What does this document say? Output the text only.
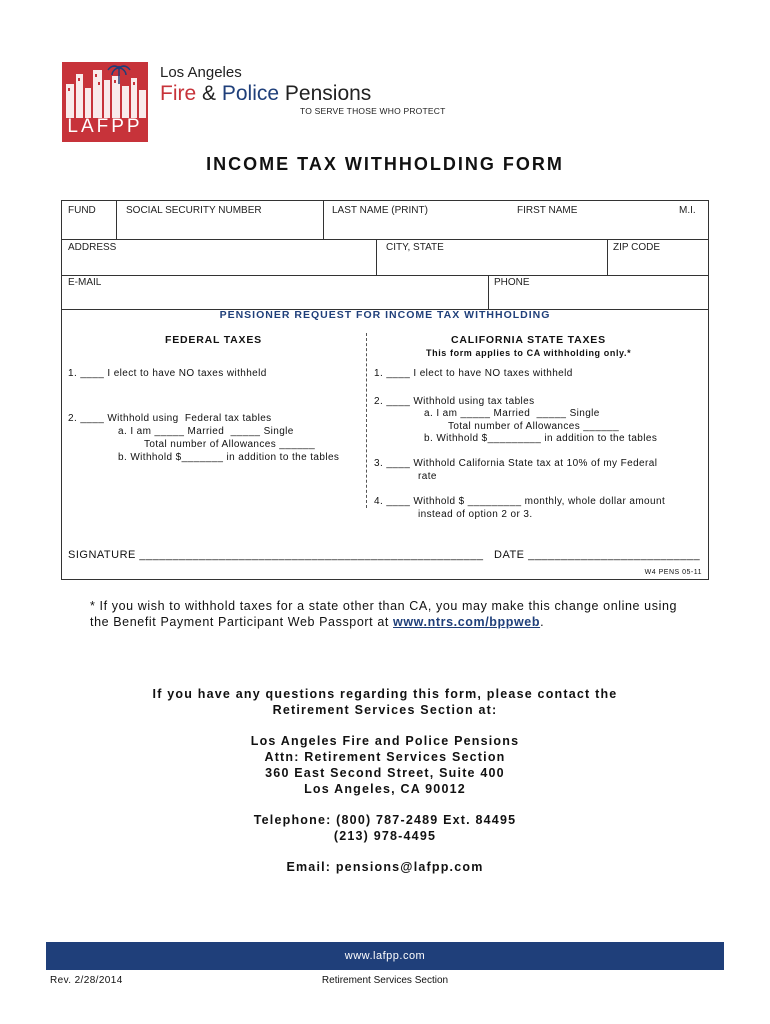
LAFPP
Los Angeles
Fire & Police Pensions
TO SERVE THOSE WHO PROTECT
INCOME TAX WITHHOLDING FORM
FUND	SOCIAL SECURITY NUMBER	LAST NAME (PRINT)	FIRST NAME	M.I.
ADDRESS	CITY, STATE	ZIP CODE
E-MAIL	PHONE
PENSIONER REQUEST FOR INCOME TAX WITHHOLDING
FEDERAL TAXES
1. ____ I elect to have NO taxes withheld
2. ____ Withhold using  Federal tax tables
a. I am _____ Married  _____ Single
Total number of Allowances ______
b. Withhold $_______ in addition to the tables
CALIFORNIA STATE TAXES
This form applies to CA withholding only.*
1. ____ I elect to have NO taxes withheld
2. ____ Withhold using tax tables
a. I am _____ Married  _____ Single
Total number of Allowances ______
b. Withhold $_________ in addition to the tables
3. ____ Withhold California State tax at 10% of my Federal
rate
4. ____ Withhold $ _________ monthly, whole dollar amount
instead of option 2 or 3.
SIGNATURE ____________________________________________________ DATE __________________________
W4 PENS 05-11
* If you wish to withhold taxes for a state other than CA, you may make this change online using the Benefit Payment Participant Web Passport at www.ntrs.com/bppweb.
If you have any questions regarding this form, please contact the
Retirement Services Section at:
Los Angeles Fire and Police Pensions
Attn: Retirement Services Section
360 East Second Street, Suite 400
Los Angeles, CA 90012
Telephone: (800) 787-2489 Ext. 84495
(213) 978-4495
Email: pensions@lafpp.com
www.lafpp.com
Rev. 2/28/2014	Retirement Services Section
